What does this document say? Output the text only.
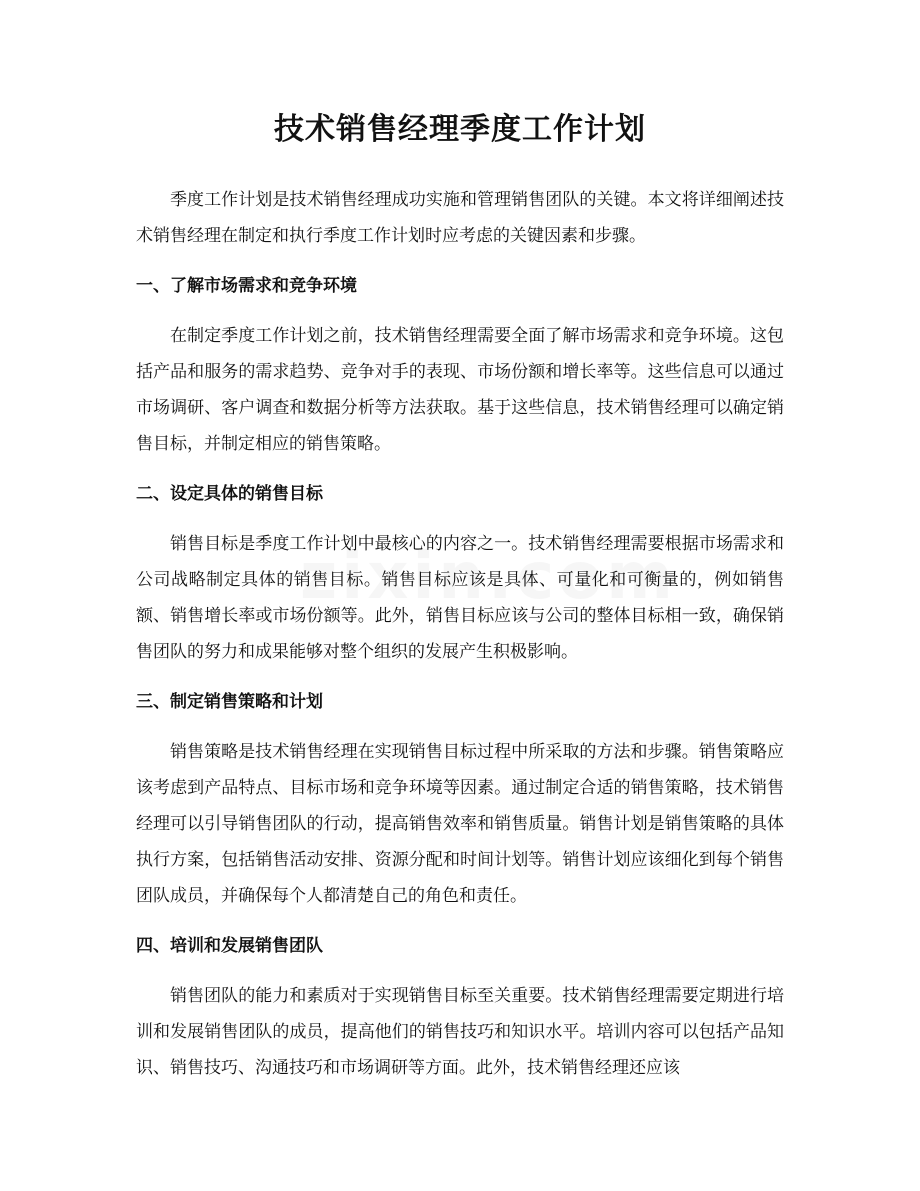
技术销售经理季度工作计划

季度工作计划是技术销售经理成功实施和管理销售团队的关键。本文将详细阐述技术销售经理在制定和执行季度工作计划时应考虑的关键因素和步骤。

一、了解市场需求和竞争环境

在制定季度工作计划之前，技术销售经理需要全面了解市场需求和竞争环境。这包括产品和服务的需求趋势、竞争对手的表现、市场份额和增长率等。这些信息可以通过市场调研、客户调查和数据分析等方法获取。基于这些信息，技术销售经理可以确定销售目标，并制定相应的销售策略。

二、设定具体的销售目标

销售目标是季度工作计划中最核心的内容之一。技术销售经理需要根据市场需求和公司战略制定具体的销售目标。销售目标应该是具体、可量化和可衡量的，例如销售额、销售增长率或市场份额等。此外，销售目标应该与公司的整体目标相一致，确保销售团队的努力和成果能够对整个组织的发展产生积极影响。

三、制定销售策略和计划

销售策略是技术销售经理在实现销售目标过程中所采取的方法和步骤。销售策略应该考虑到产品特点、目标市场和竞争环境等因素。通过制定合适的销售策略，技术销售经理可以引导销售团队的行动，提高销售效率和销售质量。销售计划是销售策略的具体执行方案，包括销售活动安排、资源分配和时间计划等。销售计划应该细化到每个销售团队成员，并确保每个人都清楚自己的角色和责任。

四、培训和发展销售团队

销售团队的能力和素质对于实现销售目标至关重要。技术销售经理需要定期进行培训和发展销售团队的成员，提高他们的销售技巧和知识水平。培训内容可以包括产品知识、销售技巧、沟通技巧和市场调研等方面。此外，技术销售经理还应该
